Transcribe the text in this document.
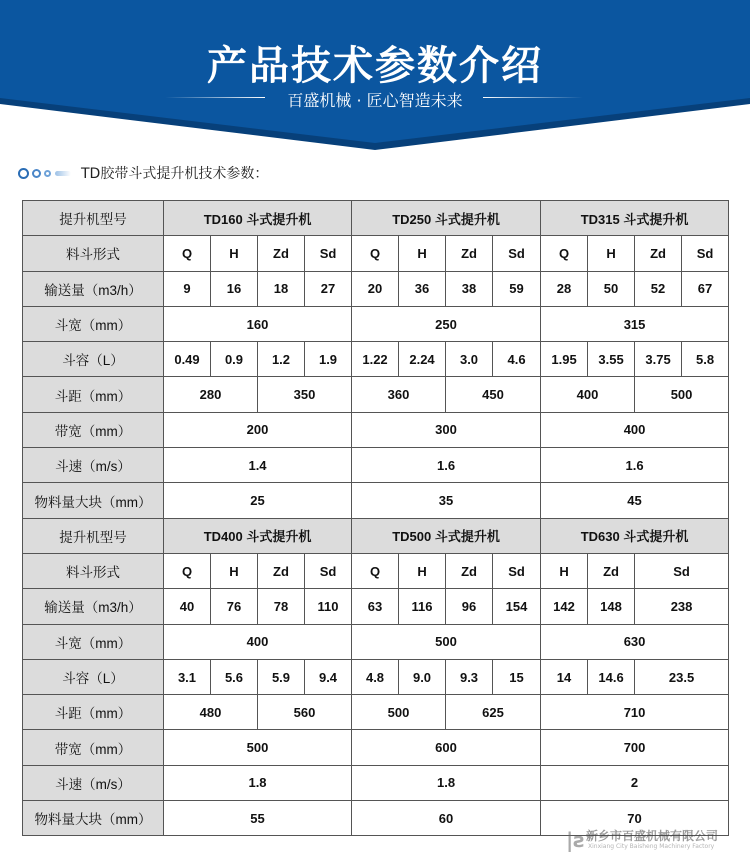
产品技术参数介绍
百盛机械 · 匠心智造未来
TD胶带斗式提升机技术参数：
提升机型号	TD160 斗式提升机				TD250 斗式提升机				TD315 斗式提升机			
料斗形式	Q	H	Zd	Sd	Q	H	Zd	Sd	Q	H	Zd	Sd
输送量（m3/h）	9	16	18	27	20	36	38	59	28	50	52	67
斗宽（mm）	160				250				315			
斗容（L）	0.49	0.9	1.2	1.9	1.22	2.24	3.0	4.6	1.95	3.55	3.75	5.8
斗距（mm）	280		350		360		450		400		500	
带宽（mm）	200				300				400			
斗速（m/s）	1.4				1.6				1.6			
物料量大块（mm）	25				35				45			
提升机型号	TD400 斗式提升机				TD500 斗式提升机				TD630 斗式提升机			
料斗形式	Q	H	Zd	Sd	Q	H	Zd	Sd	H	Zd	Sd	
输送量（m3/h）	40	76	78	110	63	116	96	154	142	148	238	
斗宽（mm）	400				500				630			
斗容（L）	3.1	5.6	5.9	9.4	4.8	9.0	9.3	15	14	14.6	23.5	
斗距（mm）	480		560		500		625		710			
带宽（mm）	500				600				700			
斗速（m/s）	1.8				1.8				2			
物料量大块（mm）	55				60				70			
|ƨ 新乡市百盛机械有限公司
Xinxiang City Baisheng Machinery Factory
